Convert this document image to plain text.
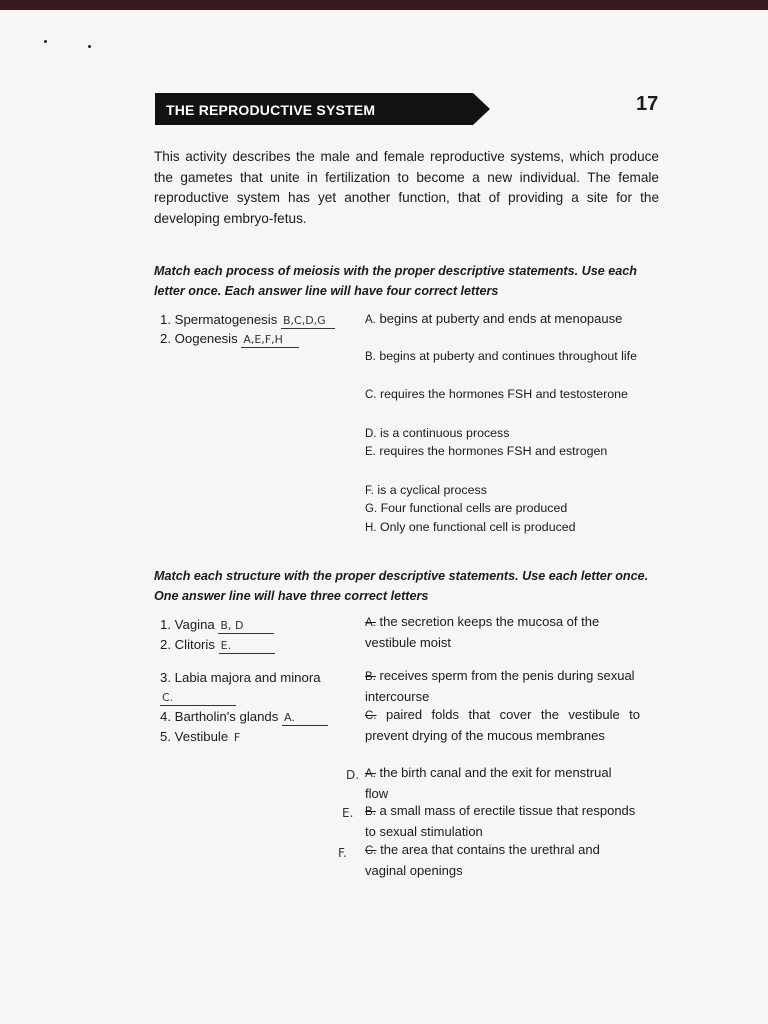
THE REPRODUCTIVE SYSTEM	17

This activity describes the male and female reproductive systems, which produce the gametes that unite in fertilization to become a new individual. The female reproductive system has yet another function, that of providing a site for the developing embryo-fetus.

Match each process of meiosis with the proper descriptive statements. Use each letter once. Each answer line will have four correct letters

1. Spermatogenesis B,C,D,G
2. Oogenesis A,E,F,H
A. begins at puberty and ends at menopause
B. begins at puberty and continues throughout life
C. requires the hormones FSH and testosterone
D. is a continuous process
E. requires the hormones FSH and estrogen
F. is a cyclical process
G. Four functional cells are produced
H. Only one functional cell is produced

Match each structure with the proper descriptive statements. Use each letter once. One answer line will have three correct letters

1. Vagina B, D
2. Clitoris E.
3. Labia majora and minora
C.
4. Bartholin's glands A.
5. Vestibule F
A. the secretion keeps the mucosa of the vestibule moist
B. receives sperm from the penis during sexual intercourse
C. paired folds that cover the vestibule to prevent drying of the mucous membranes
D. A. the birth canal and the exit for menstrual flow
E. B. a small mass of erectile tissue that responds to sexual stimulation
F. C. the area that contains the urethral and vaginal openings
